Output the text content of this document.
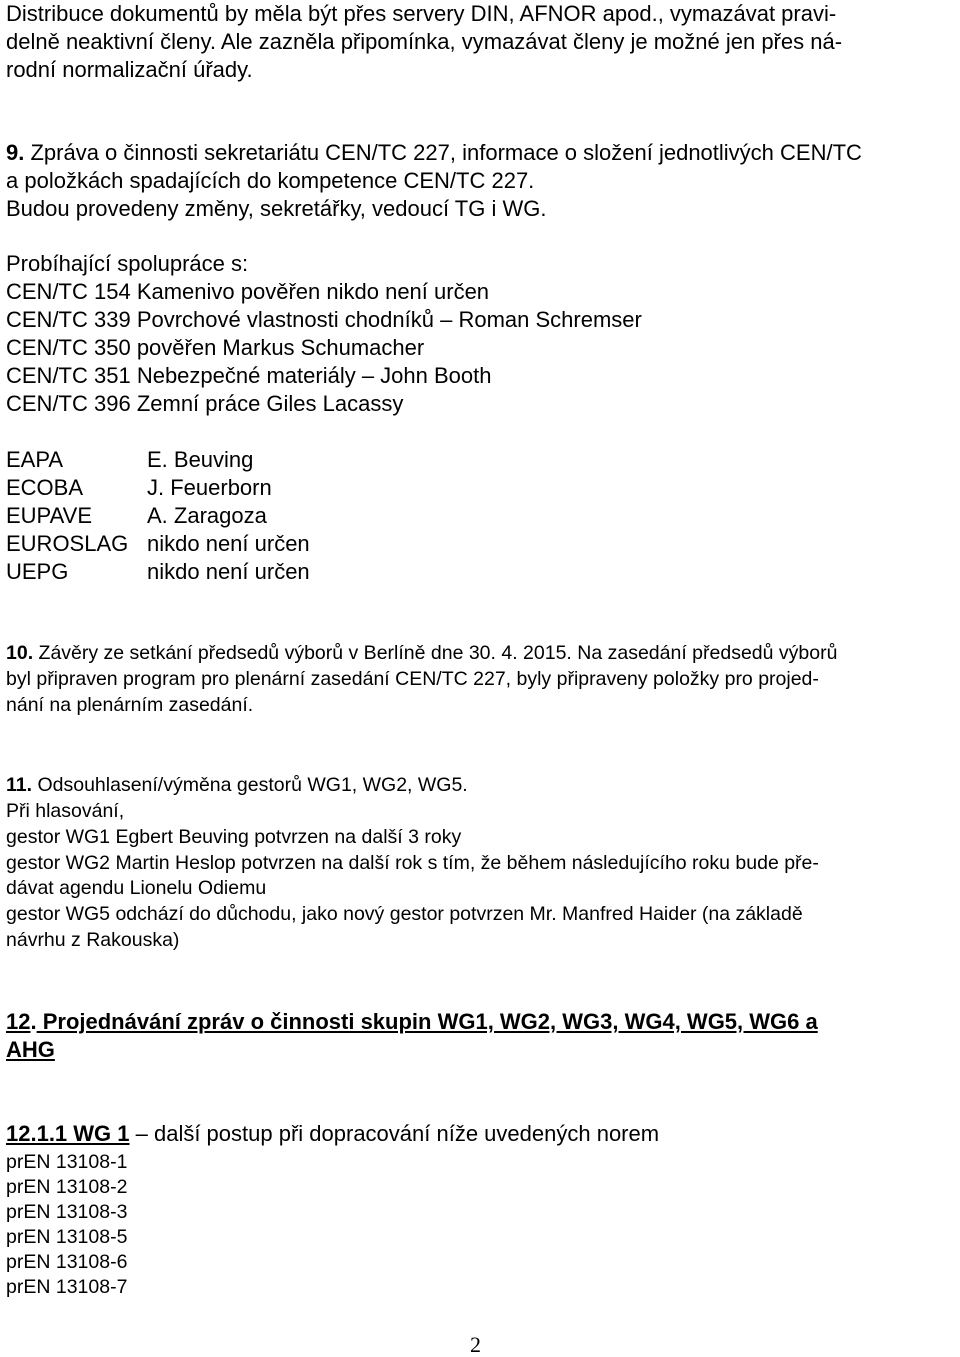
Distribuce dokumentů by měla být přes servery DIN, AFNOR apod., vymazávat pravi-
delně neaktivní členy. Ale zazněla připomínka, vymazávat členy je možné jen přes ná-
rodní normalizační úřady.
9. Zpráva o činnosti sekretariátu CEN/TC 227, informace o složení jednotlivých CEN/TC
a položkách spadajících do kompetence CEN/TC 227.
Budou provedeny změny, sekretářky, vedoucí TG i WG.
Probíhající spolupráce s:
CEN/TC 154 Kamenivo pověřen nikdo není určen
CEN/TC 339 Povrchové vlastnosti chodníků – Roman Schremser
CEN/TC 350 pověřen Markus Schumacher
CEN/TC 351 Nebezpečné materiály – John Booth
CEN/TC 396 Zemní práce Giles Lacassy
EAPA	E. Beuving
ECOBA	J. Feuerborn
EUPAVE	A. Zaragoza
EUROSLAG nikdo není určen
UEPG	nikdo není určen
10. Závěry ze setkání předsedů výborů v Berlíně dne 30. 4. 2015. Na zasedání předsedů výborů
byl připraven program pro plenární zasedání CEN/TC 227, byly připraveny položky pro projed-
nání na plenárním zasedání.
11. Odsouhlasení/výměna gestorů WG1, WG2, WG5.
Při hlasování,
gestor WG1 Egbert Beuving potvrzen na další 3 roky
gestor WG2 Martin Heslop potvrzen na další rok s tím, že během následujícího roku bude pře-
dávat agendu Lionelu Odiemu
gestor WG5 odchází do důchodu, jako nový gestor potvrzen Mr. Manfred Haider (na základě
návrhu z Rakouska)
12. Projednávání zpráv o činnosti skupin WG1, WG2, WG3, WG4, WG5, WG6 a
AHG
12.1.1 WG 1 – další postup při dopracování níže uvedených norem
prEN 13108-1
prEN 13108-2
prEN 13108-3
prEN 13108-5
prEN 13108-6
prEN 13108-7
2
